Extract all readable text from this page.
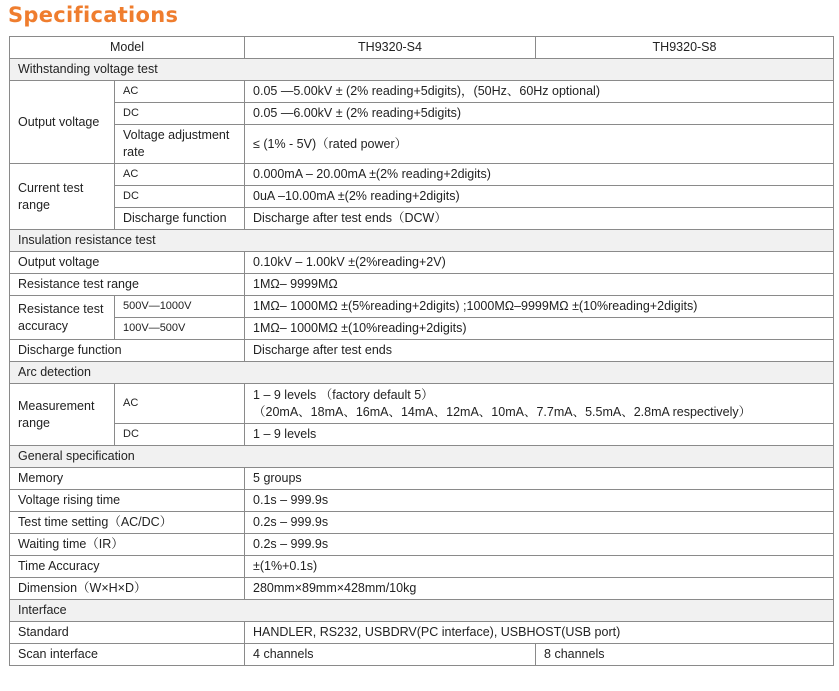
Specifications
Model		TH9320-S4	TH9320-S8
Withstanding voltage test			
Output voltage	AC	0.05 —5.00kV ± (2% reading+5digits)，(50Hz、60Hz optional)	
	DC	0.05 —6.00kV ± (2% reading+5digits)	
	Voltage adjustment rate	≤ (1% - 5V)（rated power）	
Current test range	AC	0.000mA – 20.00mA ±(2% reading+2digits)	
	DC	0uA –10.00mA ±(2% reading+2digits)	
	Discharge function	Discharge after test ends（DCW）	
Insulation resistance test			
Output voltage		0.10kV – 1.00kV ±(2%reading+2V)	
Resistance test range		1MΩ– 9999MΩ	
Resistance test accuracy	500V—1000V	1MΩ– 1000MΩ ±(5%reading+2digits) ;1000MΩ–9999MΩ ±(10%reading+2digits)	
	100V—500V	1MΩ– 1000MΩ ±(10%reading+2digits)	
Discharge function		Discharge after test ends	
Arc detection			
Measurement range	AC	1 – 9 levels （factory default 5）
（20mA、18mA、16mA、14mA、12mA、10mA、7.7mA、5.5mA、2.8mA respectively）	

	DC	1 – 9 levels	
General specification			
Memory		5 groups	
Voltage rising time		0.1s – 999.9s	
Test time setting（AC/DC）		0.2s – 999.9s	
Waiting time（IR）		0.2s – 999.9s	
Time Accuracy		±(1%+0.1s)	
Dimension（W×H×D）		280mm×89mm×428mm/10kg	
Interface			
Standard		HANDLER, RS232, USBDRV(PC interface), USBHOST(USB port)	
Scan interface		4 channels	8 channels
